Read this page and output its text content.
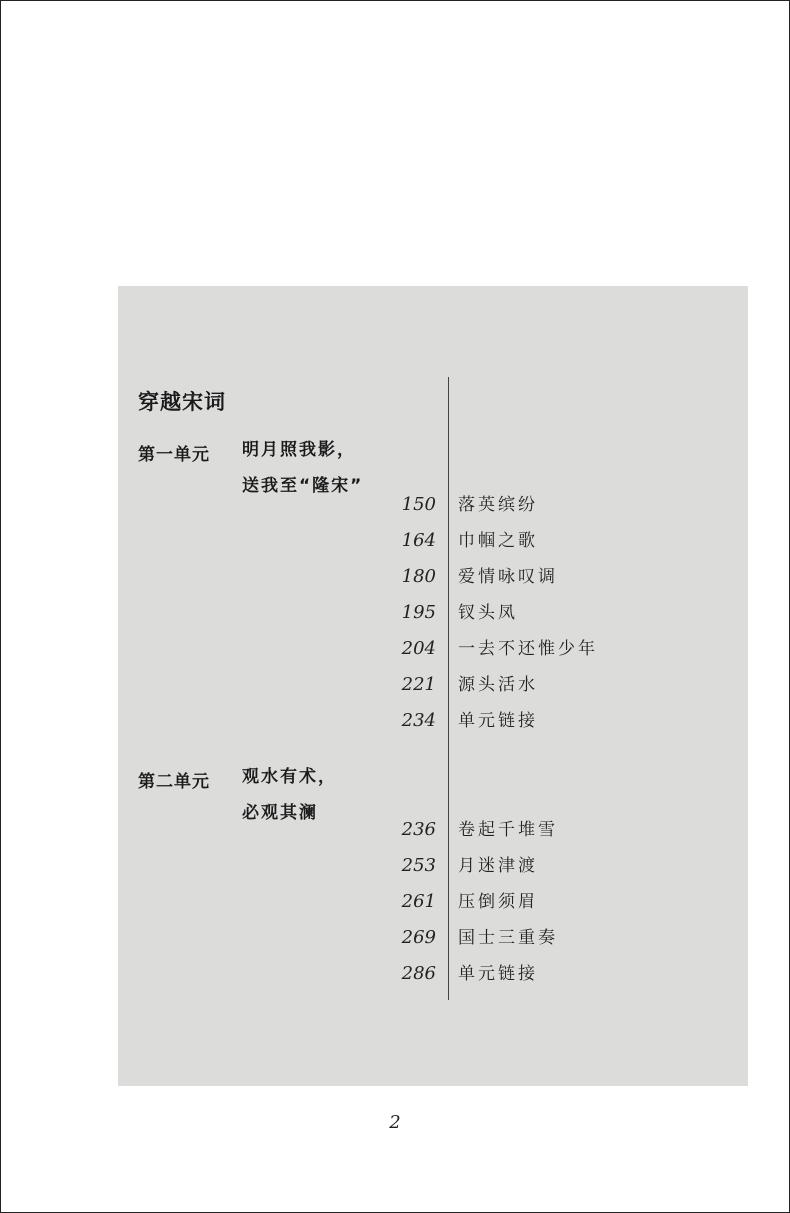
穿越宋词
第一单元 明月照我影，
送我至“隆宋”
150 落英缤纷
164 巾帼之歌
180 爱情咏叹调
195 钗头凤
204 一去不还惟少年
221 源头活水
234 单元链接
第二单元 观水有术，
必观其澜
236 卷起千堆雪
253 月迷津渡
261 压倒须眉
269 国士三重奏
286 单元链接
2
